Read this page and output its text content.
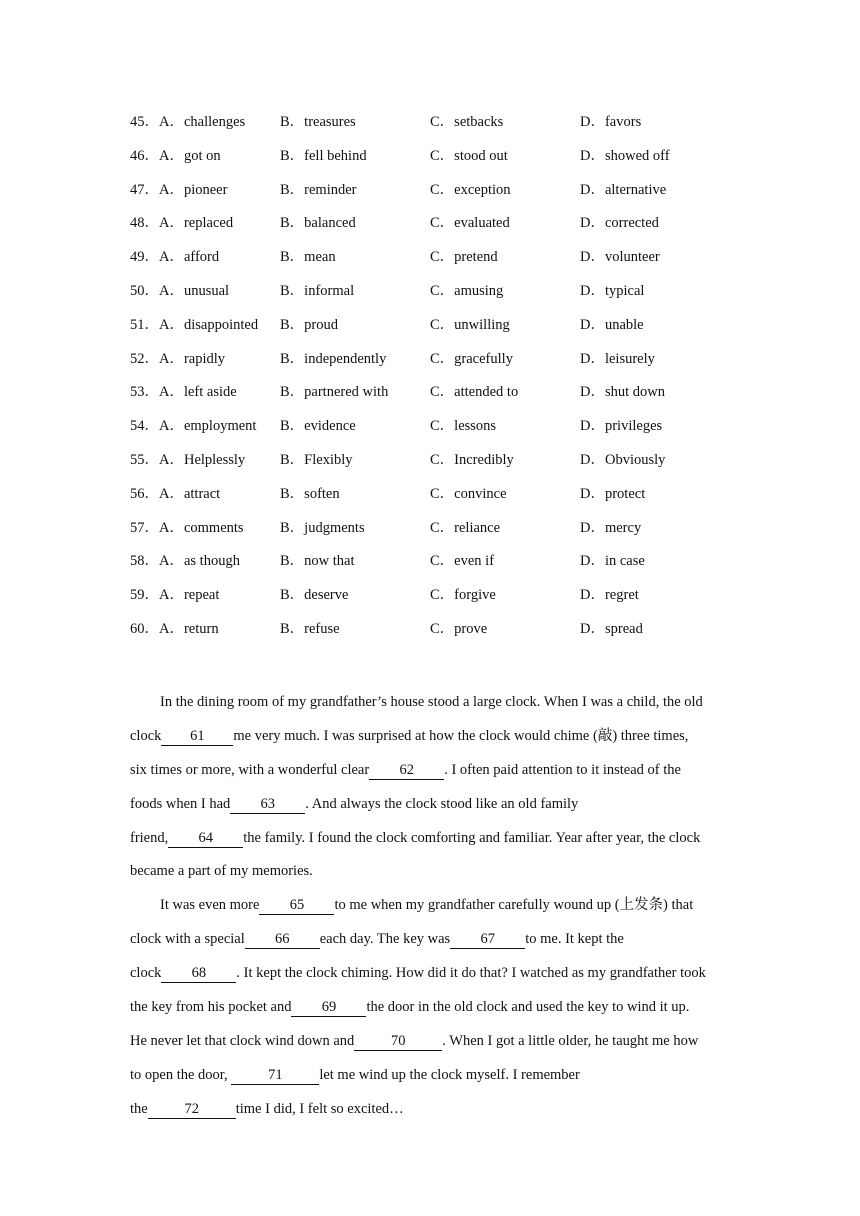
45．A．challenges B．treasures	C．setbacks	D．favors
46．A．got on	B．fell behind	C．stood out	D．showed off
47．A．pioneer	B．reminder	C．exception	D．alternative
48．A．replaced	B．balanced	C．evaluated	D．corrected
49．A．afford	B．mean	C．pretend	D．volunteer
50．A．unusual	B．informal	C．amusing	D．typical
51．A．disappointed B．proud	C．unwilling	D．unable
52．A．rapidly	B．independently	C．gracefully	D．leisurely
53．A．left aside	B．partnered with	C．attended to	D．shut down
54．A．employment B．evidence	C．lessons	D．privileges
55．A．Helplessly B．Flexibly	C．Incredibly	D．Obviously
56．A．attract	B．soften	C．convince	D．protect
57．A．comments	B．judgments	C．reliance	D．mercy
58．A．as though	B．now that	C．even if	D．in case
59．A．repeat	B．deserve	C．forgive	D．regret
60．A．return	B．refuse	C．prove	D．spread
In the dining room of my grandfather’s house stood a large clock. When I was a child, the old
clock 61 me very much. I was surprised at how the clock would chime (敲) three times,
six times or more, with a wonderful clear 62 . I often paid attention to it instead of the
foods when I had 63 . And always the clock stood like an old family
friend, 64 the family. I found the clock comforting and familiar. Year after year, the clock
became a part of my memories.
It was even more 65 to me when my grandfather carefully wound up (上发条) that
clock with a special 66 each day. The key was 67 to me. It kept the
clock 68 . It kept the clock chiming. How did it do that? I watched as my grandfather took
the key from his pocket and 69 the door in the old clock and used the key to wind it up.
He never let that clock wind down and	70	. When I got a little older, he taught me how
to open the door,	71	let me wind up the clock myself. I remember
the	72	time I did, I felt so excited…
